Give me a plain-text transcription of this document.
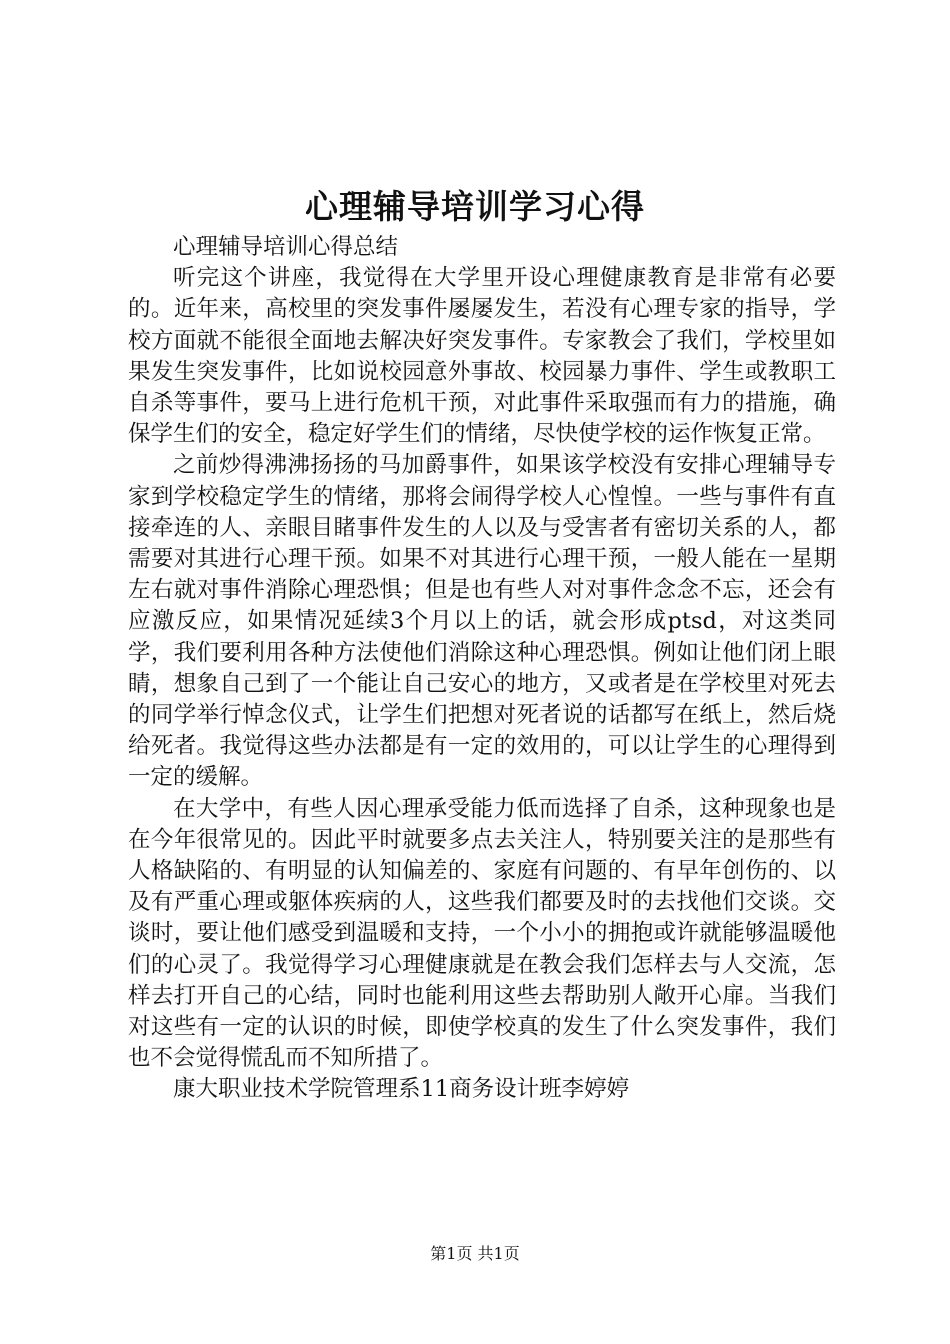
心理辅导培训学习心得

心理辅导培训心得总结

听完这个讲座，我觉得在大学里开设心理健康教育是非常有必要的。近年来，高校里的突发事件屡屡发生，若没有心理专家的指导，学校方面就不能很全面地去解决好突发事件。专家教会了我们，学校里如果发生突发事件，比如说校园意外事故、校园暴力事件、学生或教职工自杀等事件，要马上进行危机干预，对此事件采取强而有力的措施，确保学生们的安全，稳定好学生们的情绪，尽快使学校的运作恢复正常。

之前炒得沸沸扬扬的马加爵事件，如果该学校没有安排心理辅导专家到学校稳定学生的情绪，那将会闹得学校人心惶惶。一些与事件有直接牵连的人、亲眼目睹事件发生的人以及与受害者有密切关系的人，都需要对其进行心理干预。如果不对其进行心理干预，一般人能在一星期左右就对事件消除心理恐惧；但是也有些人对对事件念念不忘，还会有应激反应，如果情况延续3个月以上的话，就会形成ptsd，对这类同学，我们要利用各种方法使他们消除这种心理恐惧。例如让他们闭上眼睛，想象自己到了一个能让自己安心的地方，又或者是在学校里对死去的同学举行悼念仪式，让学生们把想对死者说的话都写在纸上，然后烧给死者。我觉得这些办法都是有一定的效用的，可以让学生的心理得到一定的缓解。

在大学中，有些人因心理承受能力低而选择了自杀，这种现象也是在今年很常见的。因此平时就要多点去关注人，特别要关注的是那些有人格缺陷的、有明显的认知偏差的、家庭有问题的、有早年创伤的、以及有严重心理或躯体疾病的人，这些我们都要及时的去找他们交谈。交谈时，要让他们感受到温暖和支持，一个小小的拥抱或许就能够温暖他们的心灵了。我觉得学习心理健康就是在教会我们怎样去与人交流，怎样去打开自己的心结，同时也能利用这些去帮助别人敞开心扉。当我们对这些有一定的认识的时候，即使学校真的发生了什么突发事件，我们也不会觉得慌乱而不知所措了。

康大职业技术学院管理系11商务设计班李婷婷

第1页 共1页
